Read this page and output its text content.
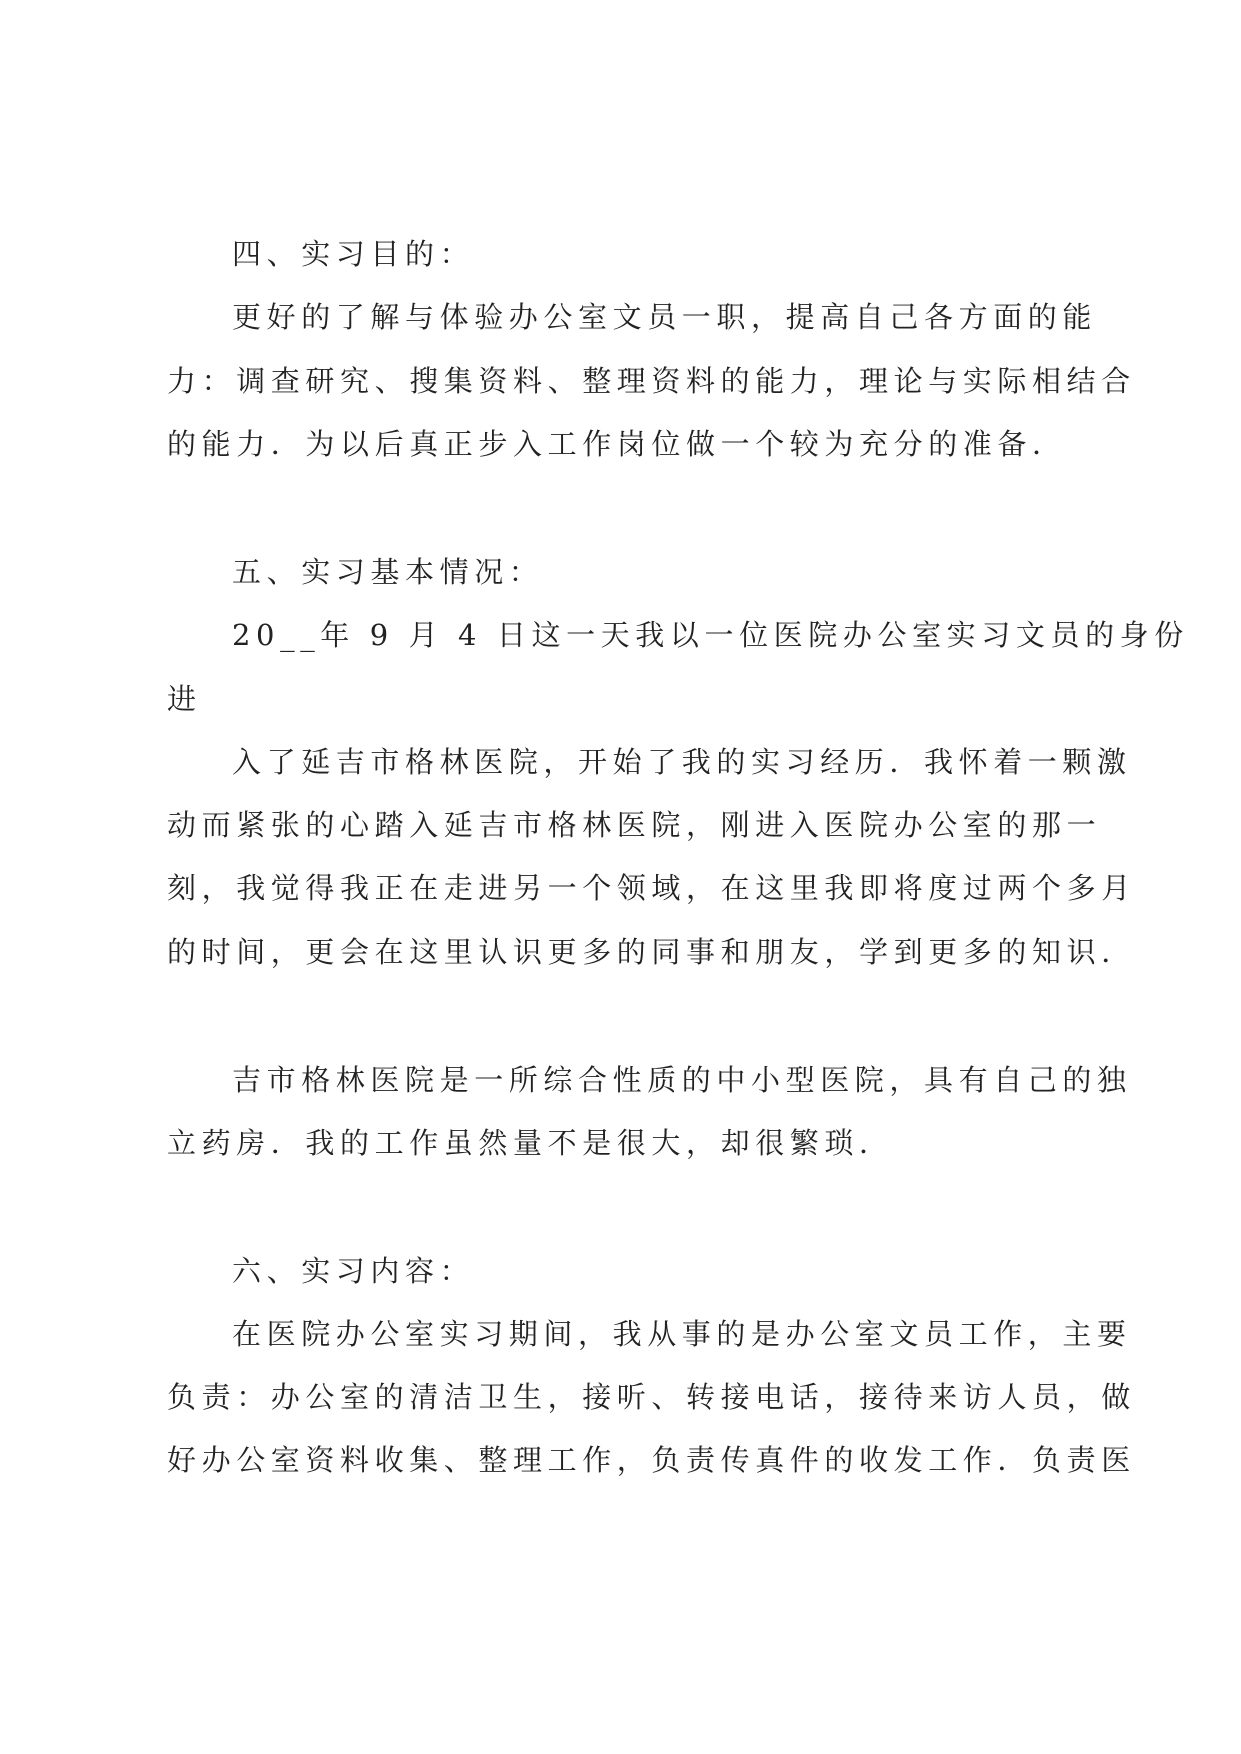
四、实习目的：
更好的了解与体验办公室文员一职，提高自己各方面的能
力：调查研究、搜集资料、整理资料的能力，理论与实际相结合
的能力．为以后真正步入工作岗位做一个较为充分的准备．
五、实习基本情况：
20__年 9 月 4 日这一天我以一位医院办公室实习文员的身份
进
入了延吉市格林医院，开始了我的实习经历．我怀着一颗激
动而紧张的心踏入延吉市格林医院，刚进入医院办公室的那一
刻，我觉得我正在走进另一个领域，在这里我即将度过两个多月
的时间，更会在这里认识更多的同事和朋友，学到更多的知识．
吉市格林医院是一所综合性质的中小型医院，具有自己的独
立药房．我的工作虽然量不是很大，却很繁琐．
六、实习内容：
在医院办公室实习期间，我从事的是办公室文员工作，主要
负责：办公室的清洁卫生，接听、转接电话，接待来访人员，做
好办公室资料收集、整理工作，负责传真件的收发工作．负责医
